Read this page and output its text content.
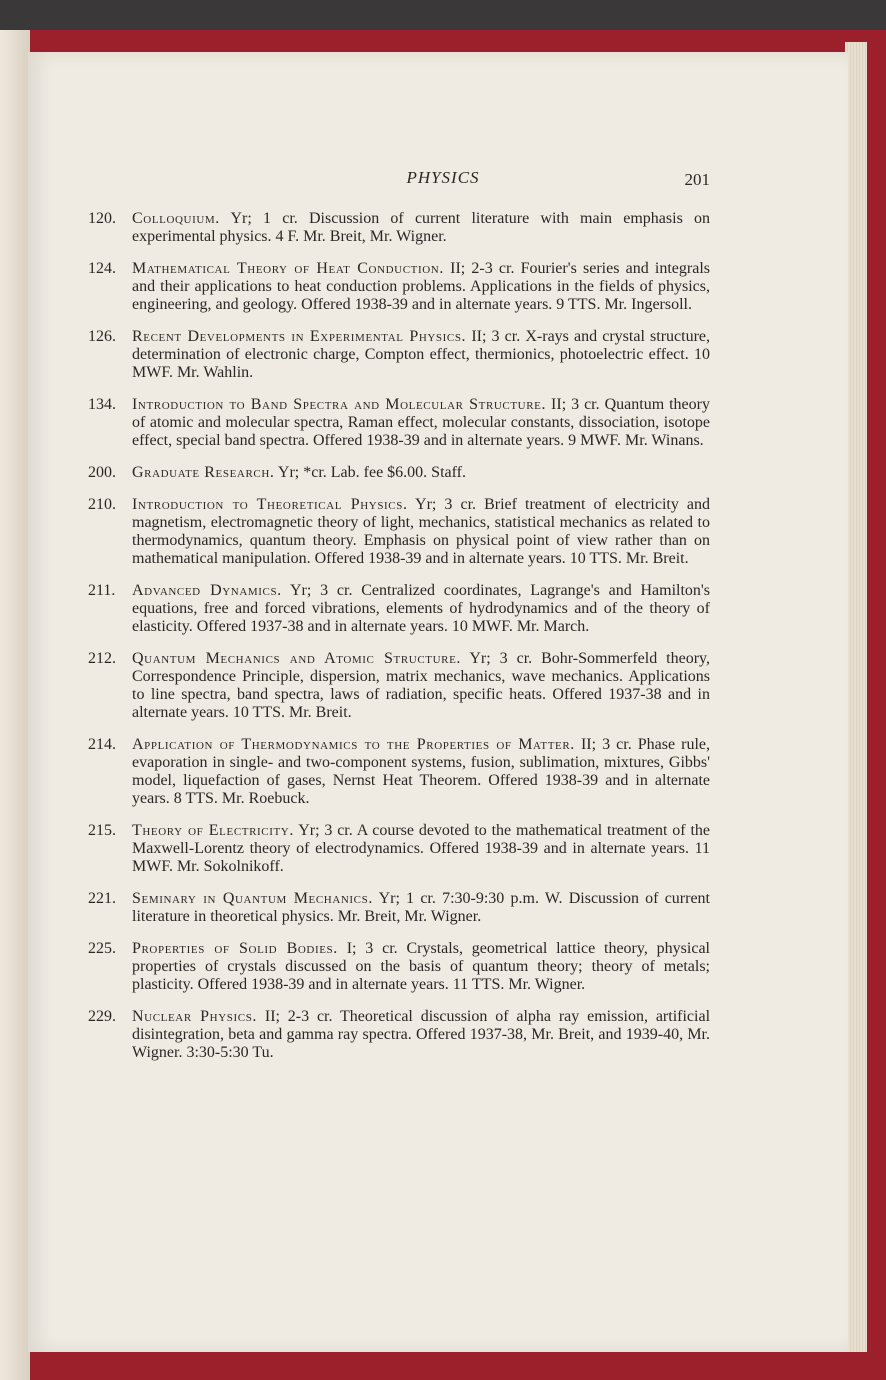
PHYSICS	201
120. Colloquium. Yr; 1 cr. Discussion of current literature with main emphasis on experimental physics. 4 F. Mr. Breit, Mr. Wigner.
124. Mathematical Theory of Heat Conduction. II; 2-3 cr. Fourier's series and integrals and their applications to heat conduction problems. Applications in the fields of physics, engineering, and geology. Offered 1938-39 and in alternate years. 9 TTS. Mr. Ingersoll.
126. Recent Developments in Experimental Physics. II; 3 cr. X-rays and crystal structure, determination of electronic charge, Compton effect, thermionics, photoelectric effect. 10 MWF. Mr. Wahlin.
134. Introduction to Band Spectra and Molecular Structure. II; 3 cr. Quantum theory of atomic and molecular spectra, Raman effect, molecular constants, dissociation, isotope effect, special band spectra. Offered 1938-39 and in alternate years. 9 MWF. Mr. Winans.
200. Graduate Research. Yr; *cr. Lab. fee $6.00. Staff.
210. Introduction to Theoretical Physics. Yr; 3 cr. Brief treatment of electricity and magnetism, electromagnetic theory of light, mechanics, statistical mechanics as related to thermodynamics, quantum theory. Emphasis on physical point of view rather than on mathematical manipulation. Offered 1938-39 and in alternate years. 10 TTS. Mr. Breit.
211. Advanced Dynamics. Yr; 3 cr. Centralized coordinates, Lagrange's and Hamilton's equations, free and forced vibrations, elements of hydrodynamics and of the theory of elasticity. Offered 1937-38 and in alternate years. 10 MWF. Mr. March.
212. Quantum Mechanics and Atomic Structure. Yr; 3 cr. Bohr-Sommerfeld theory, Correspondence Principle, dispersion, matrix mechanics, wave mechanics. Applications to line spectra, band spectra, laws of radiation, specific heats. Offered 1937-38 and in alternate years. 10 TTS. Mr. Breit.
214. Application of Thermodynamics to the Properties of Matter. II; 3 cr. Phase rule, evaporation in single- and two-component systems, fusion, sublimation, mixtures, Gibbs' model, liquefaction of gases, Nernst Heat Theorem. Offered 1938-39 and in alternate years. 8 TTS. Mr. Roebuck.
215. Theory of Electricity. Yr; 3 cr. A course devoted to the mathematical treatment of the Maxwell-Lorentz theory of electrodynamics. Offered 1938-39 and in alternate years. 11 MWF. Mr. Sokolnikoff.
221. Seminary in Quantum Mechanics. Yr; 1 cr. 7:30-9:30 p.m. W. Discussion of current literature in theoretical physics. Mr. Breit, Mr. Wigner.
225. Properties of Solid Bodies. I; 3 cr. Crystals, geometrical lattice theory, physical properties of crystals discussed on the basis of quantum theory; theory of metals; plasticity. Offered 1938-39 and in alternate years. 11 TTS. Mr. Wigner.
229. Nuclear Physics. II; 2-3 cr. Theoretical discussion of alpha ray emission, artificial disintegration, beta and gamma ray spectra. Offered 1937-38, Mr. Breit, and 1939-40, Mr. Wigner. 3:30-5:30 Tu.
